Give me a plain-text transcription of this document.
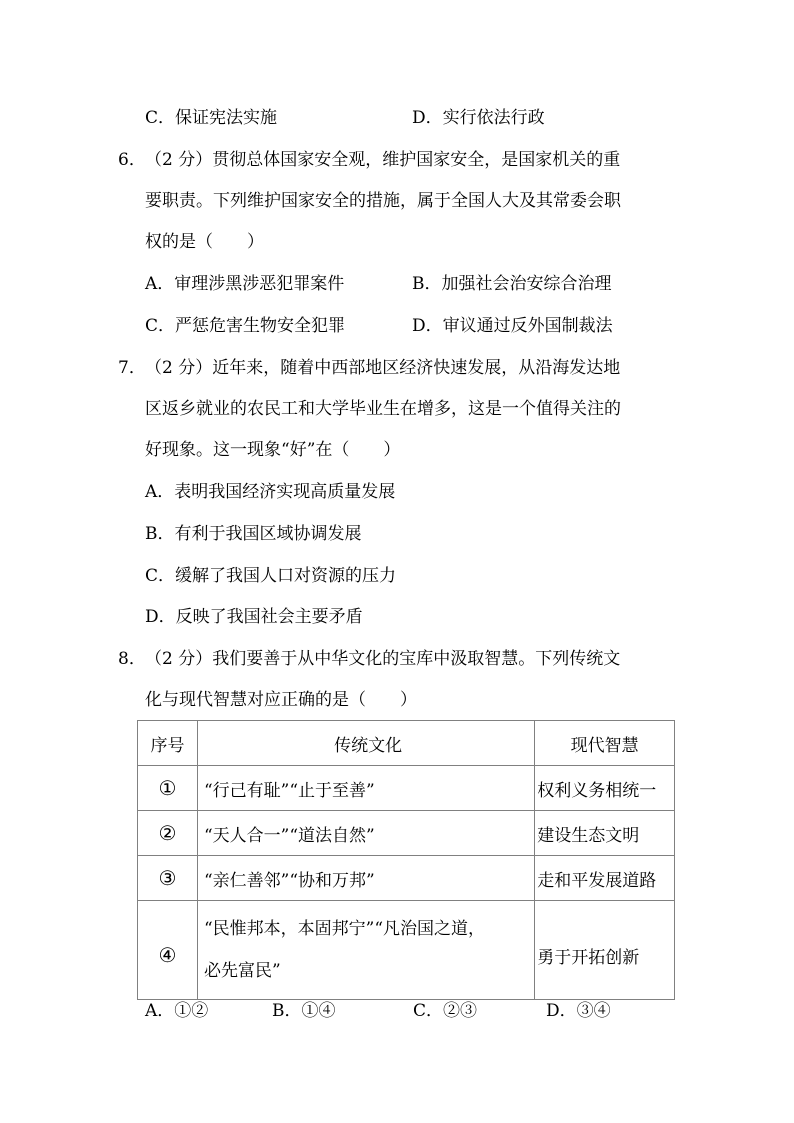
C．保证宪法实施	D．实行依法行政
6． （2 分）贯彻总体国家安全观，维护国家安全，是国家机关的重
要职责。下列维护国家安全的措施，属于全国人大及其常委会职
权的是（　　）
A．审理涉黑涉恶犯罪案件	B．加强社会治安综合治理
C．严惩危害生物安全犯罪	D．审议通过反外国制裁法
7． （2 分）近年来，随着中西部地区经济快速发展，从沿海发达地
区返乡就业的农民工和大学毕业生在增多，这是一个值得关注的
好现象。这一现象“好”在（　　）
A．表明我国经济实现高质量发展
B．有利于我国区域协调发展
C．缓解了我国人口对资源的压力
D．反映了我国社会主要矛盾
8． （2 分）我们要善于从中华文化的宝库中汲取智慧。下列传统文
化与现代智慧对应正确的是（　　）
序号	传统文化	现代智慧
①	“行己有耻”“止于至善”	权利义务相统一
②	“天人合一”“道法自然”	建设生态文明
③	“亲仁善邻”“协和万邦”	走和平发展道路
④	“民惟邦本，本固邦宁”“凡治国之道，
必先富民”	勇于开拓创新
A．①②	B．①④	C．②③	D．③④
